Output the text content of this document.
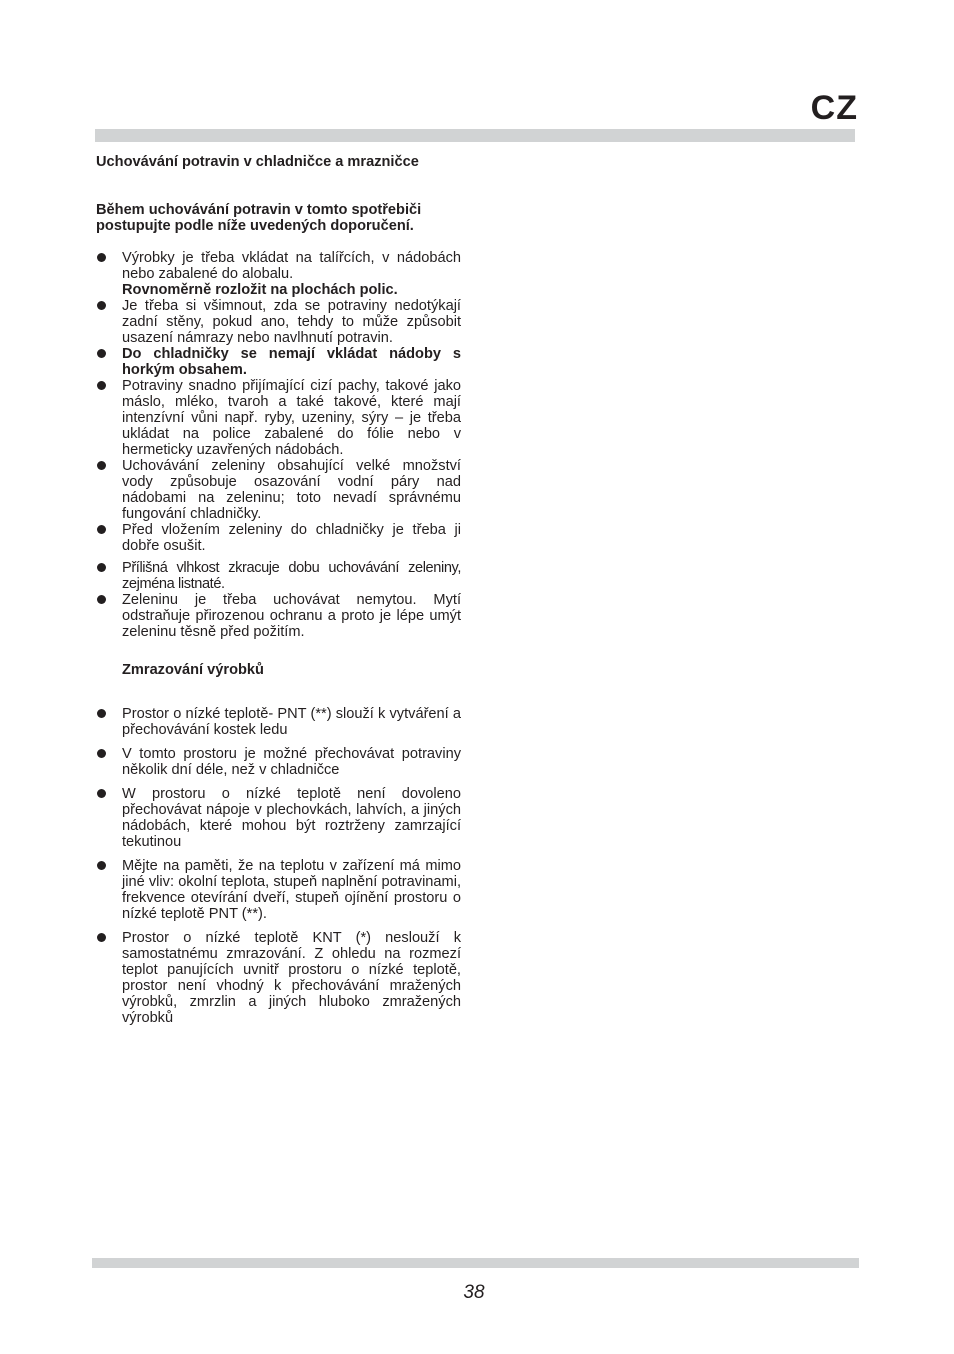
CZ

Uchovávání potravin v chladničce a mrazničce

Během uchovávání potravin v tomto spotřebiči postupujte podle níže uvedených doporučení.

Výrobky je třeba vkládat na talířcích, v nádobách nebo zabalené do alobalu.
Rovnoměrně rozložit na plochách polic.
Je třeba si všimnout, zda se potraviny nedotýkají zadní stěny, pokud ano, tehdy to může způsobit usazení námrazy nebo navlhnutí potravin.
Do chladničky se nemají vkládat nádoby s horkým obsahem.
Potraviny snadno přijímající cizí pachy, takové jako máslo, mléko, tvaroh a také takové, které mají intenzívní vůni např. ryby, uzeniny, sýry – je třeba ukládat na police zabalené do fólie nebo v hermeticky uzavřených nádobách.
Uchovávání zeleniny obsahující velké množství vody způsobuje osazování vodní páry nad nádobami na zeleninu; toto nevadí správnému fungování chladničky.
Před vložením zeleniny do chladničky je třeba ji dobře osušit.
Přílišná vlhkost zkracuje dobu uchovávání zeleniny, zejména listnaté.
Zeleninu je třeba uchovávat nemytou. Mytí odstraňuje přirozenou ochranu a proto je lépe umýt zeleninu těsně před požitím.

Zmrazování výrobků

Prostor o nízké teplotě- PNT (**) slouží k vytváření a přechovávání kostek ledu
V tomto prostoru je možné přechovávat potraviny několik dní déle, než v chladničce
W prostoru o nízké teplotě není dovoleno přechovávat nápoje v plechovkách, lahvích, a jiných nádobách, které mohou být roztrženy zamrzající tekutinou
Mějte na paměti, že na teplotu v zařízení má mimo jiné vliv: okolní teplota, stupeň naplnění potravinami, frekvence otevírání dveří, stupeň ojínění prostoru o nízké teplotě PNT (**).
Prostor o nízké teplotě KNT (*) neslouží k samostatnému zmrazování. Z ohledu na rozmezí teplot panujících uvnitř prostoru o nízké teplotě, prostor není vhodný k přechovávání mražených výrobků, zmrzlin a jiných hluboko zmražených výrobků
38
